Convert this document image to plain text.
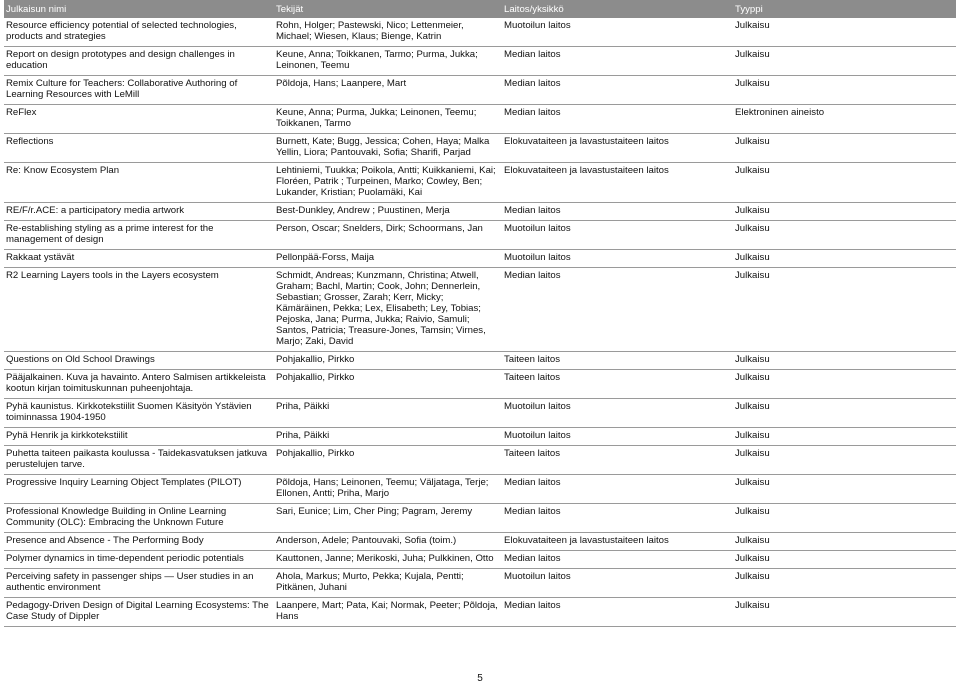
Julkaisun nimi	Tekijät	Laitos/yksikkö	Tyyppi
Resource efficiency potential of selected technologies, products and strategies	Rohn, Holger; Pastewski, Nico; Lettenmeier, Michael; Wiesen, Klaus; Bienge, Katrin	Muotoilun laitos	Julkaisu
Report on design prototypes and design challenges in education	Keune, Anna; Toikkanen, Tarmo; Purma, Jukka; Leinonen, Teemu	Median laitos	Julkaisu
Remix Culture for Teachers: Collaborative Authoring of Learning Resources with LeMill	Põldoja, Hans; Laanpere, Mart	Median laitos	Julkaisu
ReFlex	Keune, Anna; Purma, Jukka; Leinonen, Teemu; Toikkanen, Tarmo	Median laitos	Elektroninen aineisto
Reflections	Burnett, Kate; Bugg, Jessica; Cohen, Haya; Malka Yellin, Liora; Pantouvaki, Sofia; Sharifi, Parjad	Elokuvataiteen ja lavastustaiteen laitos	Julkaisu
Re: Know Ecosystem Plan	Lehtiniemi, Tuukka; Poikola, Antti; Kuikkaniemi, Kai; Floréen, Patrik ; Turpeinen, Marko; Cowley, Ben; Lukander, Kristian; Puolamäki, Kai	Elokuvataiteen ja lavastustaiteen laitos	Julkaisu
RE/F/r.ACE: a participatory media artwork	Best-Dunkley, Andrew ; Puustinen, Merja	Median laitos	Julkaisu
Re-establishing styling as a prime interest for the management of design	Person, Oscar; Snelders, Dirk; Schoormans, Jan	Muotoilun laitos	Julkaisu
Rakkaat ystävät	Pellonpää-Forss, Maija	Muotoilun laitos	Julkaisu
R2 Learning Layers tools in the Layers ecosystem	Schmidt, Andreas; Kunzmann, Christina; Atwell, Graham; Bachl, Martin; Cook, John; Dennerlein, Sebastian; Grosser, Zarah; Kerr, Micky; Kämäräinen, Pekka; Lex, Elisabeth; Ley, Tobias; Pejoska, Jana; Purma, Jukka; Raivio, Samuli; Santos, Patricia; Treasure-Jones, Tamsin; Virnes, Marjo; Zaki, David	Median laitos	Julkaisu
Questions on Old School Drawings	Pohjakallio, Pirkko	Taiteen laitos	Julkaisu
Pääjalkainen. Kuva ja havainto. Antero Salmisen artikkeleista kootun kirjan toimituskunnan puheenjohtaja.	Pohjakallio, Pirkko	Taiteen laitos	Julkaisu
Pyhä kaunistus. Kirkkotekstiilit Suomen Käsityön Ystävien toiminnassa 1904-1950	Priha, Päikki	Muotoilun laitos	Julkaisu
Pyhä Henrik ja kirkkotekstiilit	Priha, Päikki	Muotoilun laitos	Julkaisu
Puhetta taiteen paikasta koulussa - Taidekasvatuksen jatkuva perustelujen tarve.	Pohjakallio, Pirkko	Taiteen laitos	Julkaisu
Progressive Inquiry Learning Object Templates (PILOT)	Põldoja, Hans; Leinonen, Teemu; Väljataga, Terje; Ellonen, Antti; Priha, Marjo	Median laitos	Julkaisu
Professional Knowledge Building in Online Learning Community (OLC): Embracing the Unknown Future	Sari, Eunice; Lim, Cher Ping; Pagram, Jeremy	Median laitos	Julkaisu
Presence and Absence - The Performing Body	Anderson, Adele; Pantouvaki, Sofia (toim.)	Elokuvataiteen ja lavastustaiteen laitos	Julkaisu
Polymer dynamics in time-dependent periodic potentials	Kauttonen, Janne; Merikoski, Juha; Pulkkinen, Otto	Median laitos	Julkaisu
Perceiving safety in passenger ships — User studies in an authentic environment	Ahola, Markus; Murto, Pekka; Kujala, Pentti; Pitkänen, Juhani	Muotoilun laitos	Julkaisu
Pedagogy-Driven Design of Digital Learning Ecosystems: The Case Study of Dippler	Laanpere, Mart; Pata, Kai; Normak, Peeter; Põldoja, Hans	Median laitos	Julkaisu
5
